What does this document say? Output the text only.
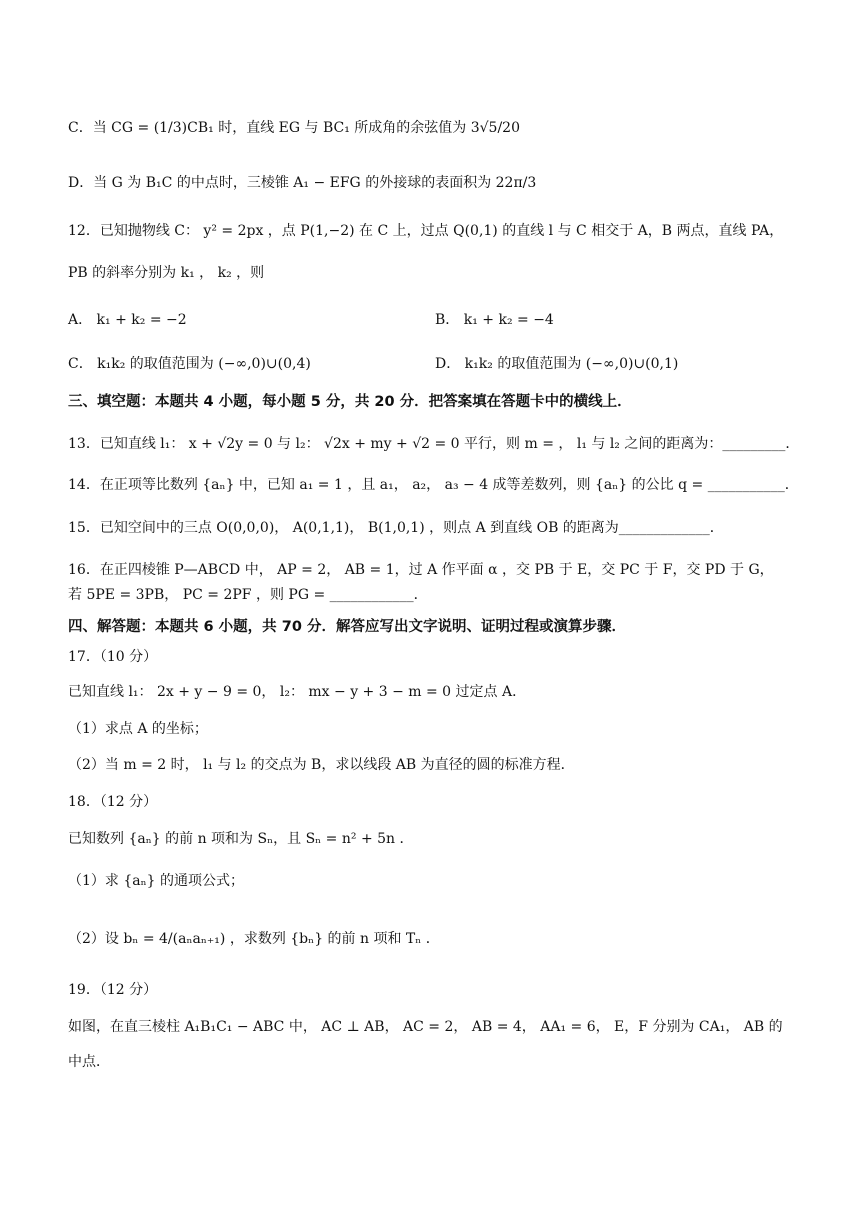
C．当 CG = (1/3)CB₁ 时，直线 EG 与 BC₁ 所成角的余弦值为 3√5/20
D．当 G 为 B₁C 的中点时，三棱锥 A₁ − EFG 的外接球的表面积为 22π/3
12．已知抛物线 C： y² = 2px ，点 P(1,−2) 在 C 上，过点 Q(0,1) 的直线 l 与 C 相交于 A，B 两点，直线 PA，
PB 的斜率分别为 k₁ ， k₂ ，则
A． k₁ + k₂ = −2	B． k₁ + k₂ = −4
C． k₁k₂ 的取值范围为 (−∞,0)∪(0,4)	D． k₁k₂ 的取值范围为 (−∞,0)∪(0,1)
三、填空题：本题共 4 小题，每小题 5 分，共 20 分．把答案填在答题卡中的横线上．
13．已知直线 l₁： x + √2y = 0 与 l₂： √2x + my + √2 = 0 平行，则 m = ， l₁ 与 l₂ 之间的距离为：_________．
14．在正项等比数列 {aₙ} 中，已知 a₁ = 1 ，且 a₁， a₂， a₃ − 4 成等差数列，则 {aₙ} 的公比 q = ___________．
15．已知空间中的三点 O(0,0,0)， A(0,1,1)， B(1,0,1) ，则点 A 到直线 OB 的距离为_____________．
16．在正四棱锥 P—ABCD 中， AP = 2， AB = 1，过 A 作平面 α ，交 PB 于 E，交 PC 于 F，交 PD 于 G，
若 5PE = 3PB， PC = 2PF ，则 PG = ____________．
四、解答题：本题共 6 小题，共 70 分．解答应写出文字说明、证明过程或演算步骤．
17．（10 分）
已知直线 l₁： 2x + y − 9 = 0， l₂： mx − y + 3 − m = 0 过定点 A．
（1）求点 A 的坐标；
（2）当 m = 2 时， l₁ 与 l₂ 的交点为 B，求以线段 AB 为直径的圆的标准方程．
18．（12 分）
已知数列 {aₙ} 的前 n 项和为 Sₙ，且 Sₙ = n² + 5n ．
（1）求 {aₙ} 的通项公式；
（2）设 bₙ = 4/(aₙaₙ₊₁) ，求数列 {bₙ} 的前 n 项和 Tₙ ．
19．（12 分）
如图，在直三棱柱 A₁B₁C₁ − ABC 中， AC ⊥ AB， AC = 2， AB = 4， AA₁ = 6， E，F 分别为 CA₁， AB 的
中点．
